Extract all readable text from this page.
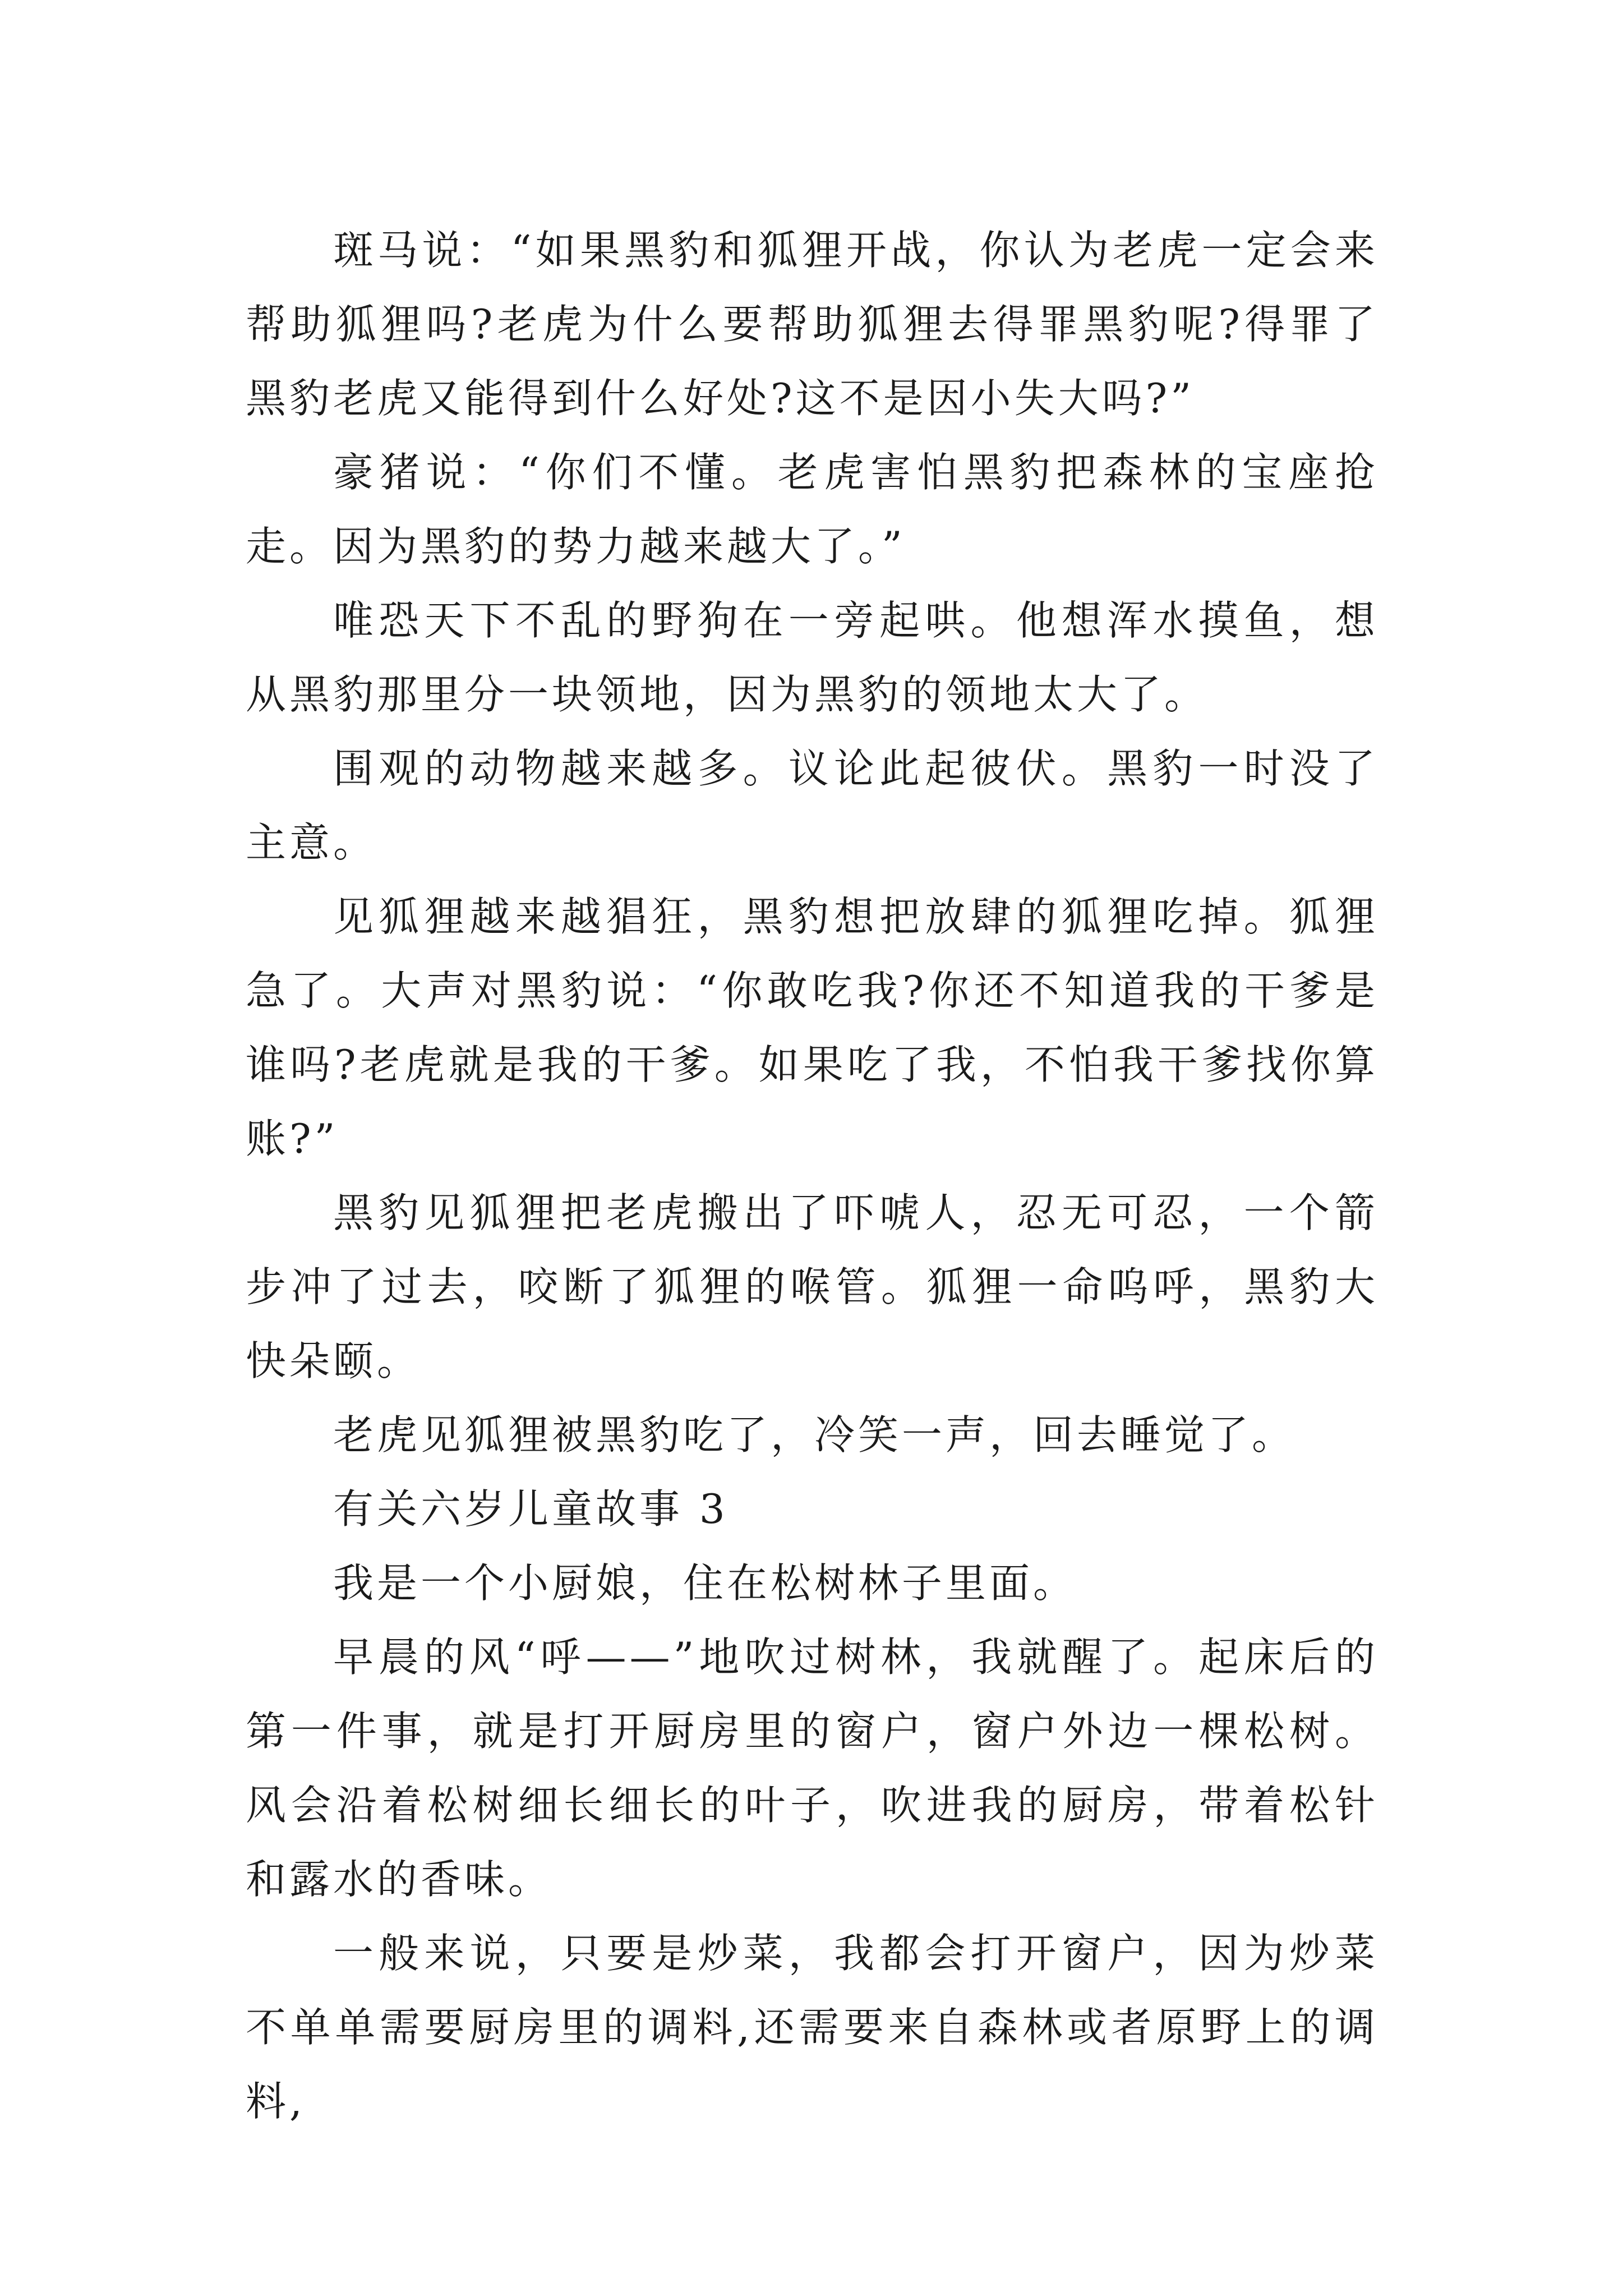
斑马说：“如果黑豹和狐狸开战，你认为老虎一定会来帮助狐狸吗?老虎为什么要帮助狐狸去得罪黑豹呢?得罪了黑豹老虎又能得到什么好处?这不是因小失大吗?”

豪猪说：“你们不懂。老虎害怕黑豹把森林的宝座抢走。因为黑豹的势力越来越大了。”

唯恐天下不乱的野狗在一旁起哄。他想浑水摸鱼，想从黑豹那里分一块领地，因为黑豹的领地太大了。

围观的动物越来越多。议论此起彼伏。黑豹一时没了主意。

见狐狸越来越猖狂，黑豹想把放肆的狐狸吃掉。狐狸急了。大声对黑豹说：“你敢吃我?你还不知道我的干爹是谁吗?老虎就是我的干爹。如果吃了我，不怕我干爹找你算账?”

黑豹见狐狸把老虎搬出了吓唬人，忍无可忍，一个箭步冲了过去，咬断了狐狸的喉管。狐狸一命呜呼，黑豹大快朵颐。

老虎见狐狸被黑豹吃了，冷笑一声，回去睡觉了。

有关六岁儿童故事 3

我是一个小厨娘，住在松树林子里面。

早晨的风“呼——”地吹过树林，我就醒了。起床后的第一件事，就是打开厨房里的窗户，窗户外边一棵松树。风会沿着松树细长细长的叶子，吹进我的厨房，带着松针和露水的香味。

一般来说，只要是炒菜，我都会打开窗户，因为炒菜不单单需要厨房里的调料,还需要来自森林或者原野上的调料,
